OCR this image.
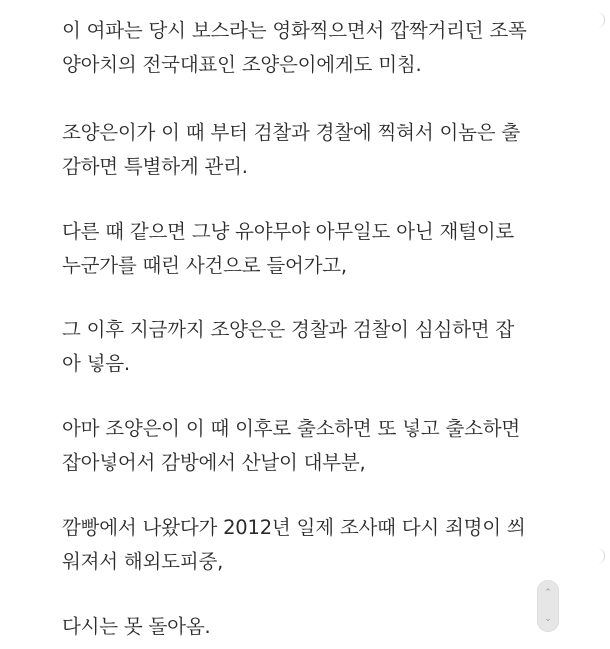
이 여파는 당시 보스라는 영화찍으면서 깝짝거리던 조폭
양아치의 전국대표인 조양은이에게도 미침.
조양은이가 이 때 부터 검찰과 경찰에 찍혀서 이놈은 출
감하면 특별하게 관리.
다른 때 같으면 그냥 유야무야 아무일도 아닌 재털이로
누군가를 때린 사건으로 들어가고,
그 이후 지금까지 조양은은 경찰과 검찰이 심심하면 잡
아 넣음.
아마 조양은이 이 때 이후로 출소하면 또 넣고 출소하면
잡아넣어서 감방에서 산날이 대부분,
깜빵에서 나왔다가 2012년 일제 조사때 다시 죄명이 씌
워져서 해외도피중,
다시는 못 돌아옴.
⌃
⌄
